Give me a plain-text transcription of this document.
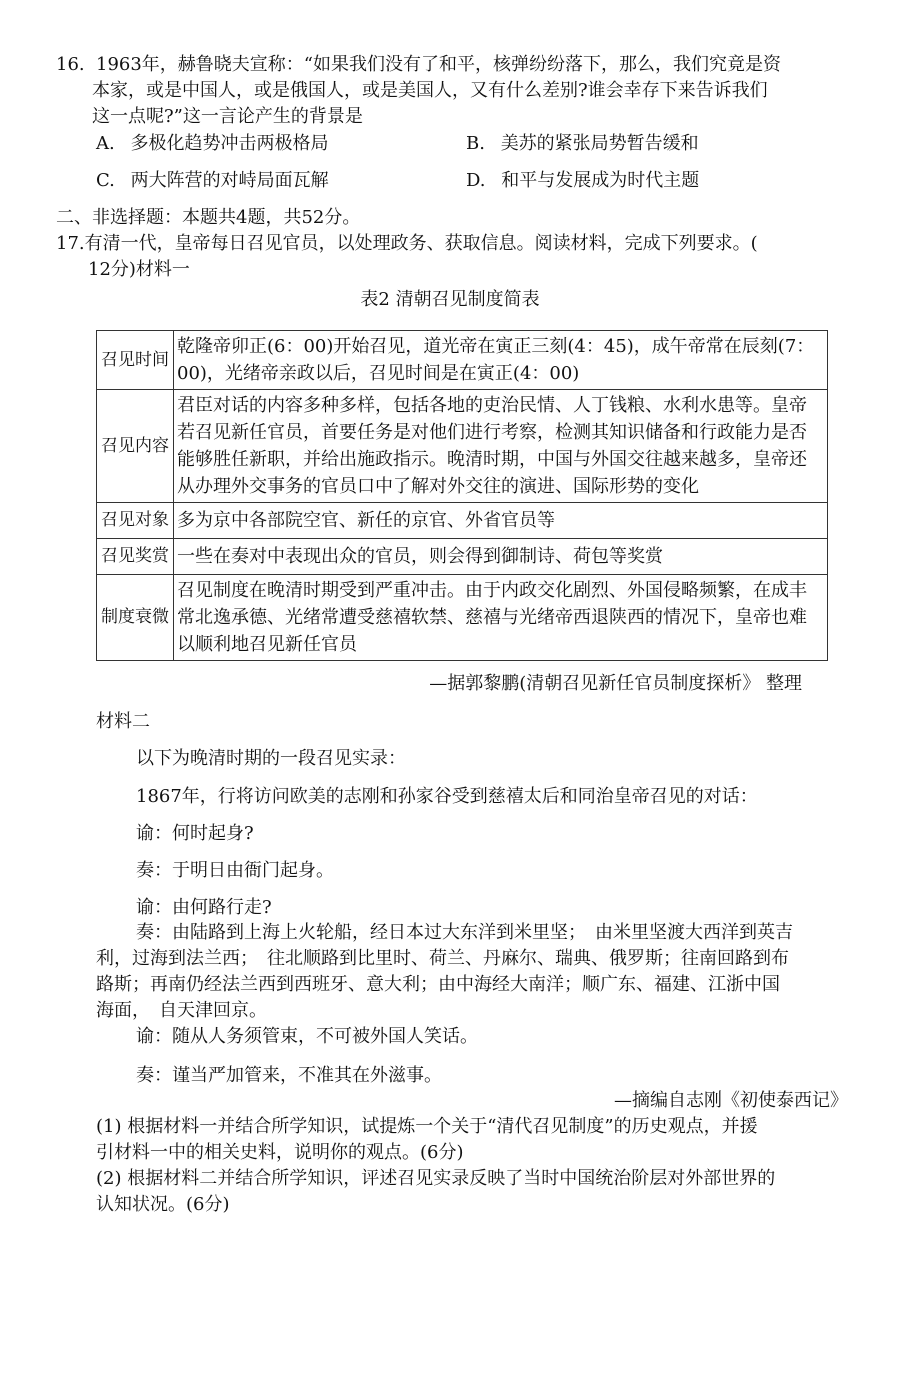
16. 1963年，赫鲁晓夫宣称：“如果我们没有了和平，核弹纷纷落下，那么，我们究竟是资
本家，或是中国人，或是俄国人，或是美国人，又有什么差别?谁会幸存下来告诉我们
这一点呢?”这一言论产生的背景是
A. 多极化趋势冲击两极格局	B. 美苏的紧张局势暂告缓和
C. 两大阵营的对峙局面瓦解	D. 和平与发展成为时代主题
二、非选择题：本题共4题，共52分。
17.有清一代，皇帝每日召见官员，以处理政务、获取信息。阅读材料，完成下列要求。(
12分)材料一
表2 清朝召见制度简表
召见时间	乾隆帝卯正(6：00)开始召见，道光帝在寅正三刻(4：45)，成午帝常在辰刻(7：00)，光绪帝亲政以后，召见时间是在寅正(4：00)
召见内容	君臣对话的内容多种多样，包括各地的吏治民情、人丁钱粮、水利水患等。皇帝若召见新任官员，首要任务是对他们进行考察，检测其知识储备和行政能力是否能够胜任新职，并给出施政指示。晚清时期，中国与外国交往越来越多，皇帝还从办理外交事务的官员口中了解对外交往的演进、国际形势的变化
召见对象	多为京中各部院空官、新任的京官、外省官员等
召见奖赏	一些在奏对中表现出众的官员，则会得到御制诗、荷包等奖赏
制度衰微	召见制度在晚清时期受到严重冲击。由于内政交化剧烈、外国侵略频繁，在成丰常北逸承德、光绪常遭受慈禧软禁、慈禧与光绪帝西退陕西的情况下，皇帝也难以顺利地召见新任官员
—据郭黎鹏(清朝召见新任官员制度探析》 整理
材料二
以下为晚清时期的一段召见实录：
1867年，行将访问欧美的志刚和孙家谷受到慈禧太后和同治皇帝召见的对话：
谕：何时起身?
奏：于明日由衙门起身。
谕：由何路行走?
奏：由陆路到上海上火轮船，经日本过大东洋到米里坚；　由米里坚渡大西洋到英吉
利，过海到法兰西；　往北顺路到比里时、荷兰、丹麻尔、瑞典、俄罗斯；往南回路到布
路斯；再南仍经法兰西到西班牙、意大利；由中海经大南洋；顺广东、福建、江浙中国
海面，　自天津回京。
谕：随从人务须管束，不可被外国人笑话。
奏：谨当严加管来，不准其在外滋事。
—摘编自志刚《初使泰西记》
(1) 根据材料一并结合所学知识，试提炼一个关于“清代召见制度”的历史观点，并援
引材料一中的相关史料，说明你的观点。(6分)
(2) 根据材料二并结合所学知识，评述召见实录反映了当时中国统治阶层对外部世界的
认知状况。(6分)
